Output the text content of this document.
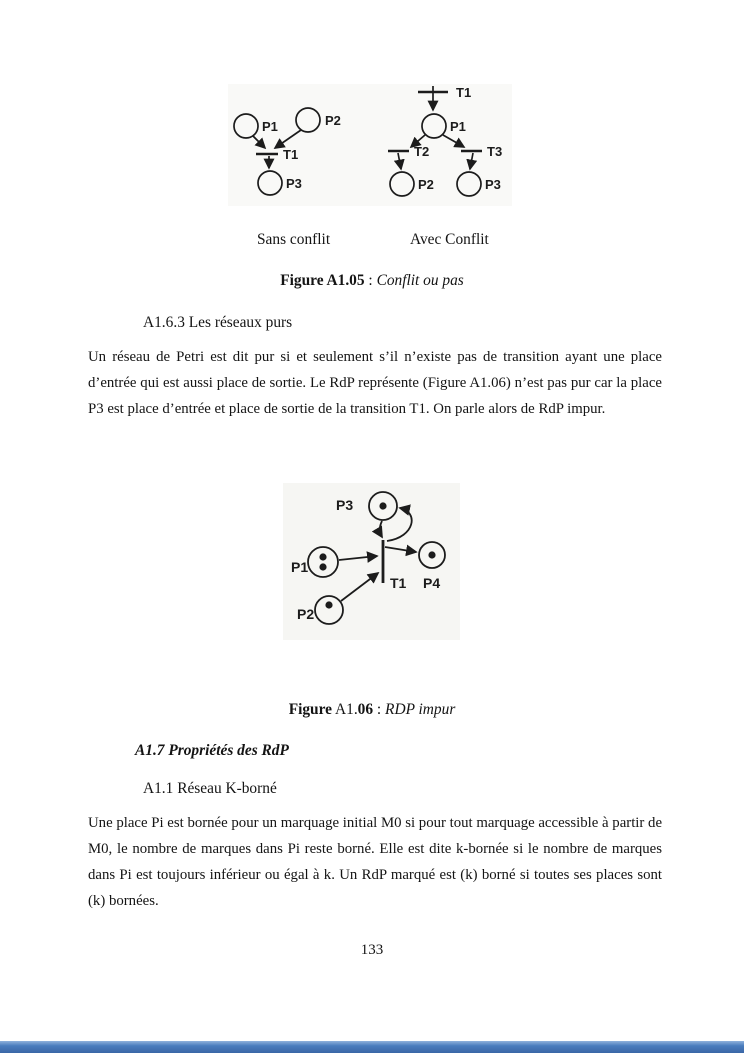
P1	P2
T1
P3
T1
P1
T2	T3
P2	P3
Sans conflit	Avec Conflit
Figure A1.05 : Conflit ou pas
A1.6.3 Les réseaux purs

Un réseau de Petri est dit pur si et seulement s’il n’existe pas de transition ayant une place d’entrée qui est aussi place de sortie. Le RdP représente (Figure A1.06) n’est pas pur car la place P3 est place d’entrée et place de sortie de la transition T1. On parle alors de RdP impur.

P3
P1
P2
T1 P4
Figure A1.06 : RDP impur
A1.7 Propriétés des RdP
A1.1 Réseau K-borné

Une place Pi est bornée pour un marquage initial M0 si pour tout marquage accessible à partir de M0, le nombre de marques dans Pi reste borné. Elle est dite k-bornée si le nombre de marques dans Pi est toujours inférieur ou égal à k. Un RdP marqué est (k) borné si toutes ses places sont (k) bornées.

133
